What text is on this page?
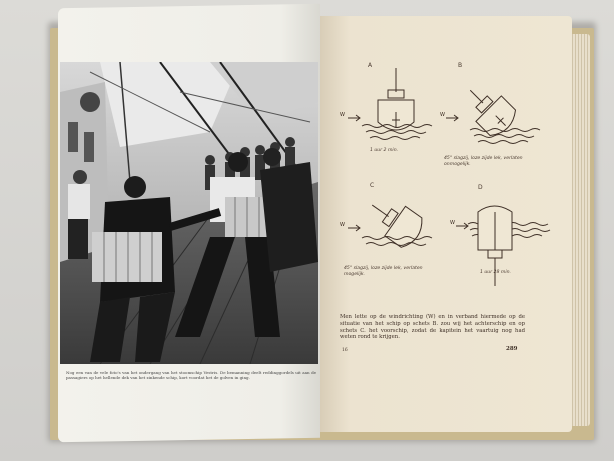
Nog een van de vele foto's van het ondergang van het stoomschip Vestris. De bemanning deelt reddinggordels uit aan de passagiers op het hellende dek van het zinkende schip, kort voordat het de golven in ging.
A
W
1 uur 2 min.
B
W
45° slagzij, loze zijde lek, verlaten onmogelijk.
C
W
45° slagzij, loze zijde lek, verlaten mogelijk.
D
W
1 uur 28 min.
Men lette op de windrichting (W) en in verband hiermede op de situatie van het schip op schets B. zou wij het achterschip en op schets C. het voorschip, zodat de kapitein het vaartuig nog had weten rond te krijgen.
16	289
